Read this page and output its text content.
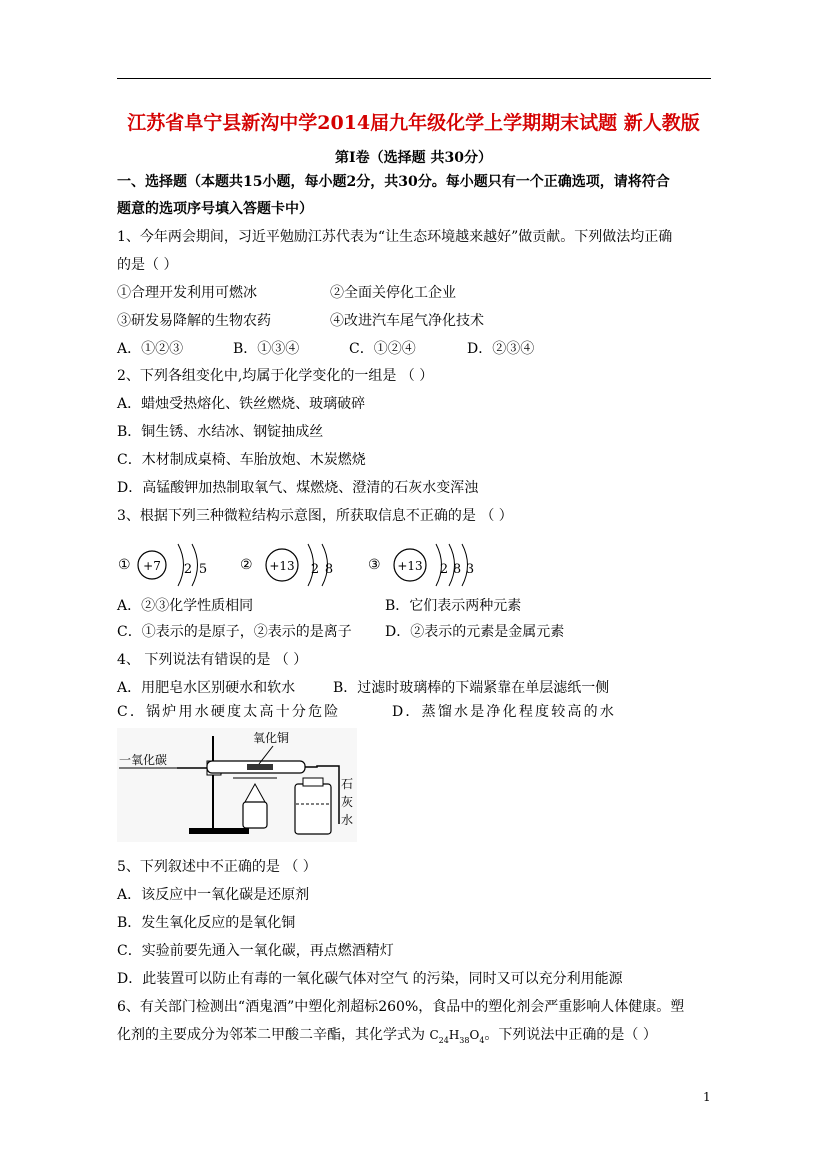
江苏省阜宁县新沟中学2014届九年级化学上学期期末试题 新人教版
第Ⅰ卷（选择题 共30分）
一、选择题（本题共15小题，每小题2分，共30分。每小题只有一个正确选项，请将符合
题意的选项序号填入答题卡中）
1、今年两会期间，习近平勉励江苏代表为“让生态环境越来越好”做贡献。下列做法均正确
的是（ ）
①合理开发利用可燃冰	②全面关停化工企业
③研发易降解的生物农药	④改进汽车尾气净化技术
A．①②③	B．①③④	C．①②④	D．②③④
2、下列各组变化中,均属于化学变化的一组是 （ ）
A．蜡烛受热熔化、铁丝燃烧、玻璃破碎
B．铜生锈、水结冰、钢锭抽成丝
C．木材制成桌椅、车胎放炮、木炭燃烧
D．高锰酸钾加热制取氧气、煤燃烧、澄清的石灰水变浑浊
3、根据下列三种微粒结构示意图，所获取信息不正确的是 （ ）
① +7 2 5 ② +13 2 8 ③ +13 2 8 3
A．②③化学性质相同	B．它们表示两种元素
C．①表示的是原子，②表示的是离子 D．②表示的元素是金属元素
4、 下列说法有错误的是 （ ）
A．用肥皂水区别硬水和软水	B．过滤时玻璃棒的下端紧靠在单层滤纸一侧
C．锅炉用水硬度太高十分危险	D．蒸馏水是净化程度较高的水
一氧化碳
氧化铜
石
灰
水
5、下列叙述中不正确的是 （ ）
A．该反应中一氧化碳是还原剂
B．发生氧化反应的是氧化铜
C．实验前要先通入一氧化碳，再点燃酒精灯
D．此装置可以防止有毒的一氧化碳气体对空气 的污染，同时又可以充分利用能源
6、有关部门检测出“酒鬼酒”中塑化剂超标260%，食品中的塑化剂会严重影响人体健康。塑
化剂的主要成分为邻苯二甲酸二辛酯，其化学式为 $C_{24}H_{38}O_4$。下列说法中正确的是（ ）
1
